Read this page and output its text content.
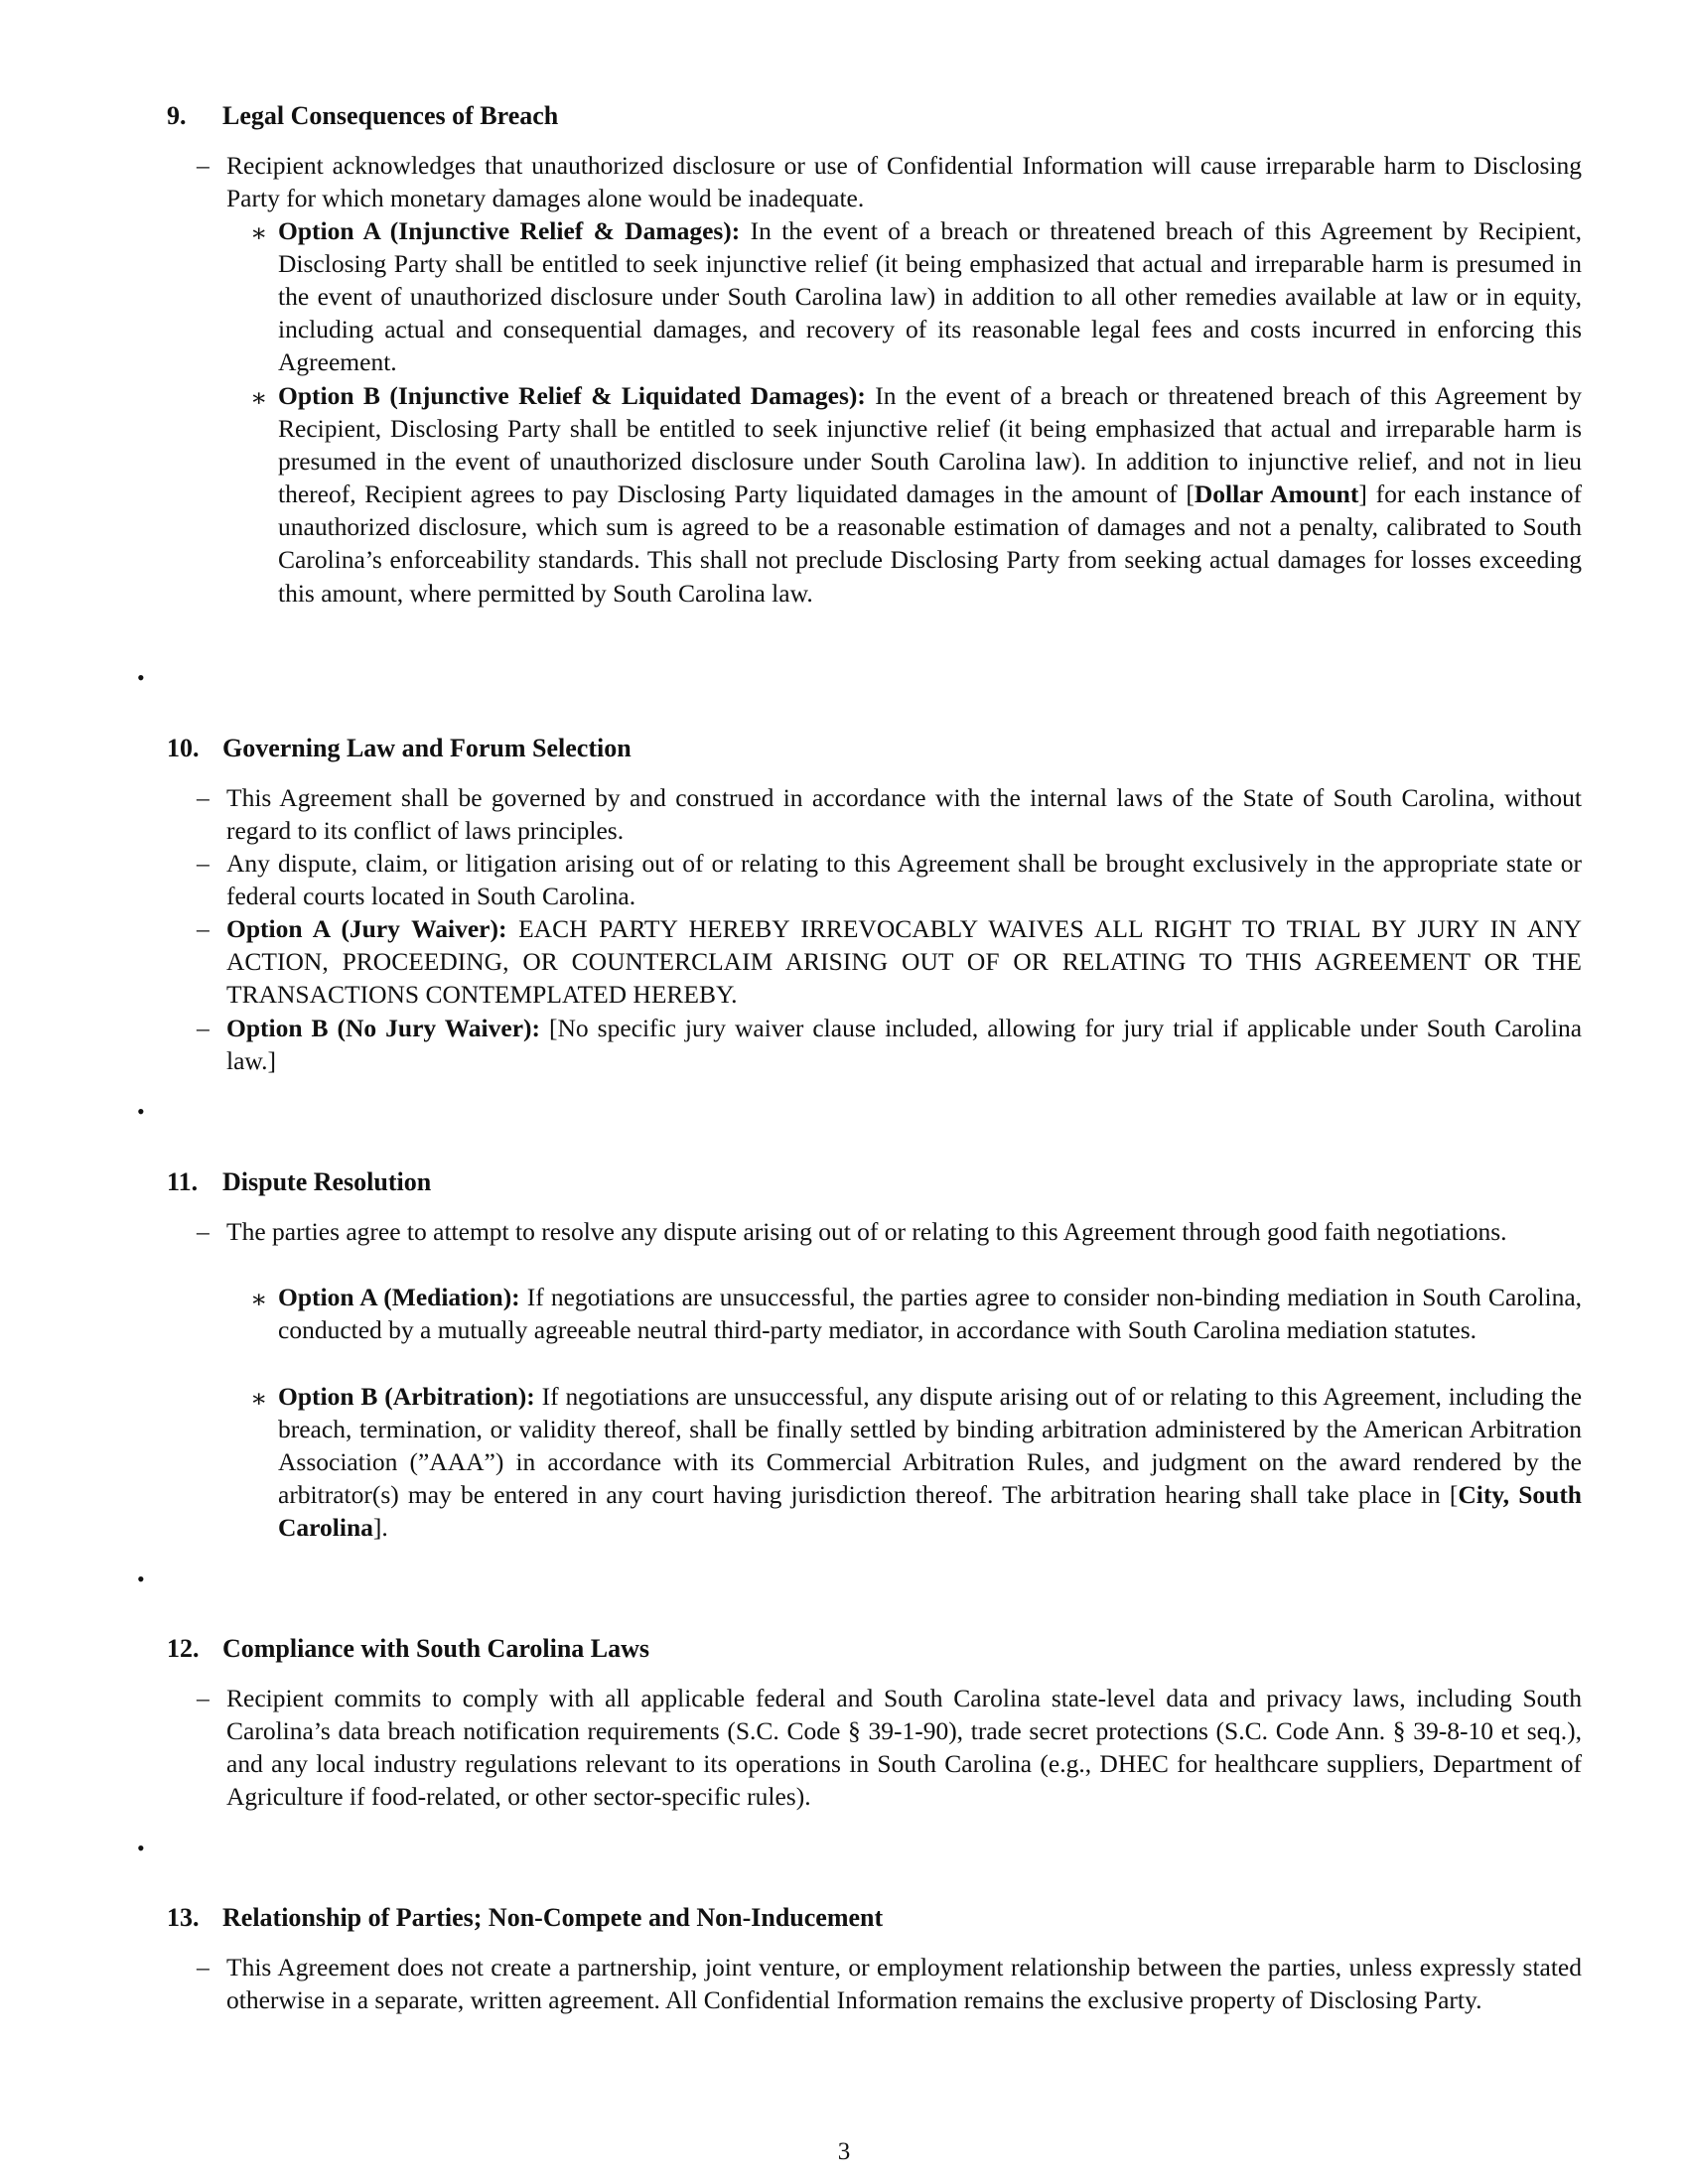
9. Legal Consequences of Breach
– Recipient acknowledges that unauthorized disclosure or use of Confidential Information will cause irreparable harm to Disclosing Party for which monetary damages alone would be inadequate.
∗ Option A (Injunctive Relief & Damages): In the event of a breach or threatened breach of this Agreement by Recipient, Disclosing Party shall be entitled to seek injunctive relief (it being emphasized that actual and irreparable harm is presumed in the event of unauthorized disclosure under South Carolina law) in addition to all other remedies available at law or in equity, including actual and consequential damages, and recovery of its reasonable legal fees and costs incurred in enforcing this Agreement.
∗ Option B (Injunctive Relief & Liquidated Damages): In the event of a breach or threatened breach of this Agreement by Recipient, Disclosing Party shall be entitled to seek injunctive relief (it being emphasized that actual and irreparable harm is presumed in the event of unauthorized disclosure under South Carolina law). In addition to injunctive relief, and not in lieu thereof, Recipient agrees to pay Disclosing Party liquidated damages in the amount of [Dollar Amount] for each instance of unauthorized disclosure, which sum is agreed to be a reasonable estimation of damages and not a penalty, calibrated to South Carolina’s enforceability standards. This shall not preclude Disclosing Party from seeking actual damages for losses exceeding this amount, where permitted by South Carolina law.
•
10. Governing Law and Forum Selection
– This Agreement shall be governed by and construed in accordance with the internal laws of the State of South Carolina, without regard to its conflict of laws principles.
– Any dispute, claim, or litigation arising out of or relating to this Agreement shall be brought exclusively in the appropriate state or federal courts located in South Carolina.
– Option A (Jury Waiver): EACH PARTY HEREBY IRREVOCABLY WAIVES ALL RIGHT TO TRIAL BY JURY IN ANY ACTION, PROCEEDING, OR COUNTERCLAIM ARISING OUT OF OR RELATING TO THIS AGREEMENT OR THE TRANSACTIONS CONTEMPLATED HEREBY.
– Option B (No Jury Waiver): [No specific jury waiver clause included, allowing for jury trial if applicable under South Carolina law.]
•
11. Dispute Resolution
– The parties agree to attempt to resolve any dispute arising out of or relating to this Agreement through good faith negotiations.
∗ Option A (Mediation): If negotiations are unsuccessful, the parties agree to consider non-binding mediation in South Carolina, conducted by a mutually agreeable neutral third-party mediator, in accordance with South Carolina mediation statutes.
∗ Option B (Arbitration): If negotiations are unsuccessful, any dispute arising out of or relating to this Agreement, including the breach, termination, or validity thereof, shall be finally settled by binding arbitration administered by the American Arbitration Association (”AAA”) in accordance with its Commercial Arbitration Rules, and judgment on the award rendered by the arbitrator(s) may be entered in any court having jurisdiction thereof. The arbitration hearing shall take place in [City, South Carolina].
•
12. Compliance with South Carolina Laws
– Recipient commits to comply with all applicable federal and South Carolina state-level data and privacy laws, including South Carolina’s data breach notification requirements (S.C. Code § 39-1-90), trade secret protections (S.C. Code Ann. § 39-8-10 et seq.), and any local industry regulations relevant to its operations in South Carolina (e.g., DHEC for healthcare suppliers, Department of Agriculture if food-related, or other sector-specific rules).
•
13. Relationship of Parties; Non-Compete and Non-Inducement
– This Agreement does not create a partnership, joint venture, or employment relationship between the parties, unless expressly stated otherwise in a separate, written agreement. All Confidential Information remains the exclusive property of Disclosing Party.
3
